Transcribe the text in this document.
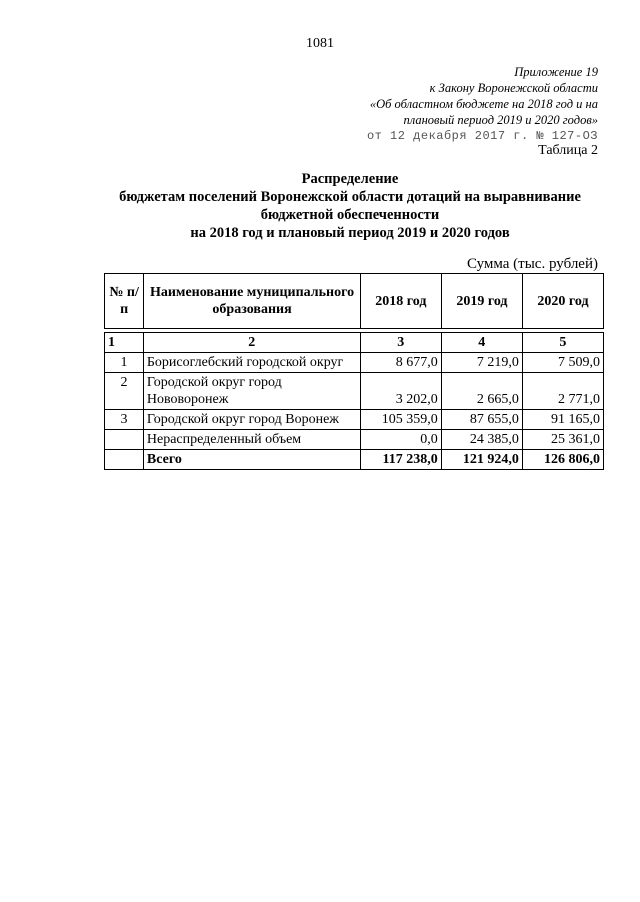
1081
Приложение 19
к Закону Воронежской области
«Об областном бюджете на 2018 год и на
плановый период 2019 и 2020 годов»
от 12 декабря 2017 г. № 127-ОЗ
Таблица 2
Распределение
бюджетам поселений Воронежской области дотаций на выравнивание
бюджетной обеспеченности
на 2018 год и плановый период 2019 и 2020 годов
Сумма (тыс. рублей)
№ п/п	Наименование муниципального образования	2018 год	2019 год	2020 год
1	2	3	4	5
1	Борисоглебский городской округ	8 677,0	7 219,0	7 509,0
2	Городской округ город Нововоронеж	3 202,0	2 665,0	2 771,0
3	Городской округ город Воронеж	105 359,0	87 655,0	91 165,0
	Нераспределенный объем	0,0	24 385,0	25 361,0
	Всего	117 238,0	121 924,0	126 806,0
